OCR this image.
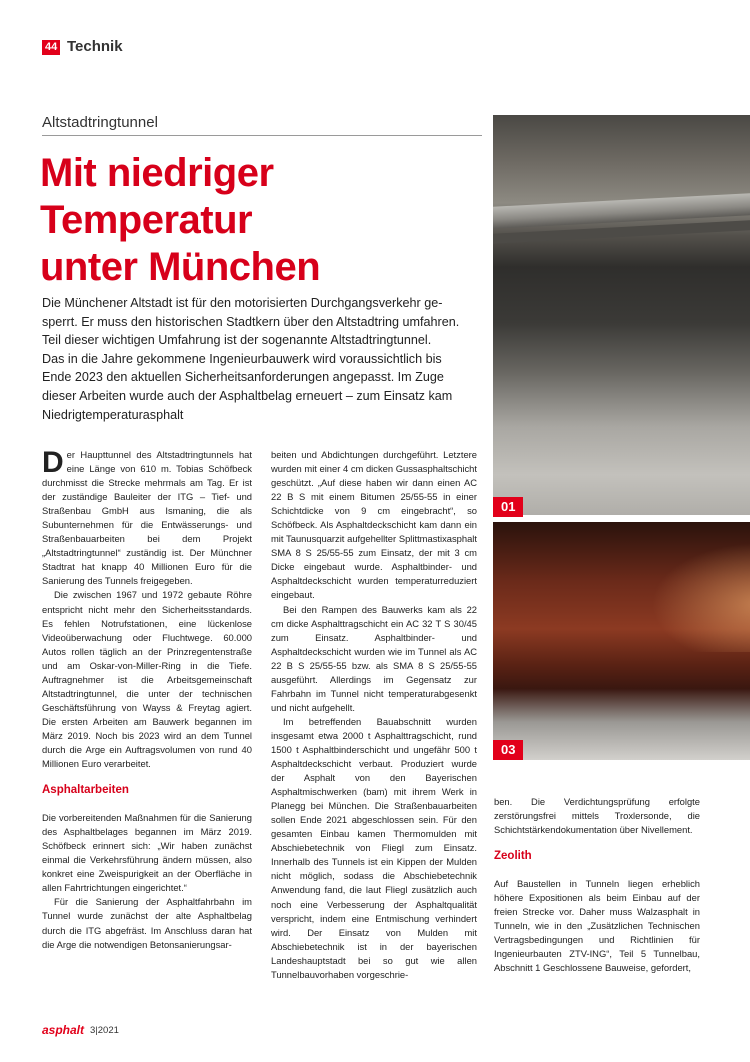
44 Technik
Altstadtringtunnel
Mit niedriger
Temperatur
unter München

Die Münchener Altstadt ist für den motorisierten Durchgangsverkehr ge-

sperrt. Er muss den historischen Stadtkern über den Altstadtring umfahren.

Teil dieser wichtigen Umfahrung ist der sogenannte Altstadtringtunnel.

Das in die Jahre gekommene Ingenieurbauwerk wird voraussichtlich bis

Ende 2023 den aktuellen Sicherheitsanforderungen angepasst. Im Zuge

dieser Arbeiten wurde auch der Asphaltbelag erneuert – zum Einsatz kam

Niedrigtemperaturasphalt

Der Haupttunnel des Altstadtringtunnels hat eine Länge von 610 m. Tobias Schöfbeck durchmisst die Strecke mehrmals am Tag. Er ist der zuständige Bauleiter der ITG – Tief- und Straßenbau GmbH aus Ismaning, die als Subunternehmen für die Entwässerungs- und Straßenbauarbeiten bei dem Projekt „Altstadtringtunnel“ zuständig ist. Der Münchner Stadtrat hat knapp 40 Millionen Euro für die Sanierung des Tunnels freigegeben.

Die zwischen 1967 und 1972 gebaute Röhre entspricht nicht mehr den Sicherheitsstandards. Es fehlen Notrufstationen, eine lückenlose Videoüberwachung oder Fluchtwege. 60.000 Autos rollen täglich an der Prinzregentenstraße und am Oskar-von-Miller-Ring in die Tiefe. Auftragnehmer ist die Arbeitsgemeinschaft Altstadtringtunnel, die unter der technischen Geschäftsführung von Wayss & Freytag agiert. Die ersten Arbeiten am Bauwerk begannen im März 2019. Noch bis 2023 wird an dem Tunnel durch die Arge ein Auftragsvolumen von rund 40 Millionen Euro verarbeitet.

Asphaltarbeiten

Die vorbereitenden Maßnahmen für die Sanierung des Asphaltbelages begannen im März 2019. Schöfbeck erinnert sich: „Wir haben zunächst einmal die Verkehrsführung ändern müssen, also konkret eine Zweispurigkeit an der Oberfläche in allen Fahrtrichtungen eingerichtet.“

Für die Sanierung der Asphaltfahrbahn im Tunnel wurde zunächst der alte Asphaltbelag durch die ITG abgefräst. Im Anschluss daran hat die Arge die notwendigen Betonsanierungsar-

beiten und Abdichtungen durchgeführt. Letztere wurden mit einer 4 cm dicken Gussasphaltschicht geschützt. „Auf diese haben wir dann einen AC 22 B S mit einem Bitumen 25/55-55 in einer Schichtdicke von 9 cm eingebracht“, so Schöfbeck. Als Asphaltdeckschicht kam dann ein mit Taunusquarzit aufgehellter Splittmastixasphalt SMA 8 S 25/55-55 zum Einsatz, der mit 3 cm Dicke eingebaut wurde. Asphaltbinder- und Asphaltdeckschicht wurden temperaturreduziert eingebaut.

Bei den Rampen des Bauwerks kam als 22 cm dicke Asphalttragschicht ein AC 32 T S 30/45 zum Einsatz. Asphaltbinder- und Asphaltdeckschicht wurden wie im Tunnel als AC 22 B S 25/55-55 bzw. als SMA 8 S 25/55-55 ausgeführt. Allerdings im Gegensatz zur Fahrbahn im Tunnel nicht temperaturabgesenkt und nicht aufgehellt.

Im betreffenden Bauabschnitt wurden insgesamt etwa 2000 t Asphalttragschicht, rund 1500 t Asphaltbinderschicht und ungefähr 500 t Asphaltdeckschicht verbaut. Produziert wurde der Asphalt von den Bayerischen Asphaltmischwerken (bam) mit ihrem Werk in Planegg bei München. Die Straßenbauarbeiten sollen Ende 2021 abgeschlossen sein. Für den gesamten Einbau kamen Thermomulden mit Abschiebetechnik von Fliegl zum Einsatz. Innerhalb des Tunnels ist ein Kippen der Mulden nicht möglich, sodass die Abschiebetechnik Anwendung fand, die laut Fliegl zusätzlich auch noch eine Verbesserung der Asphaltqualität verspricht, indem eine Entmischung verhindert wird. Der Einsatz von Mulden mit Abschiebetechnik ist in der bayerischen Landeshauptstadt bei so gut wie allen Tunnelbauvorhaben vorgeschrie-

01
03

ben. Die Verdichtungsprüfung erfolgte zerstörungsfrei mittels Troxlersonde, die Schichtstärkendokumentation über Nivellement.

Zeolith

Auf Baustellen in Tunneln liegen erheblich höhere Expositionen als beim Einbau auf der freien Strecke vor. Daher muss Walzasphalt in Tunneln, wie in den „Zusätzlichen Technischen Vertragsbedingungen und Richtlinien für Ingenieurbauten ZTV-ING“, Teil 5 Tunnelbau, Abschnitt 1 Geschlossene Bauweise, gefordert,

asphalt 3|2021
